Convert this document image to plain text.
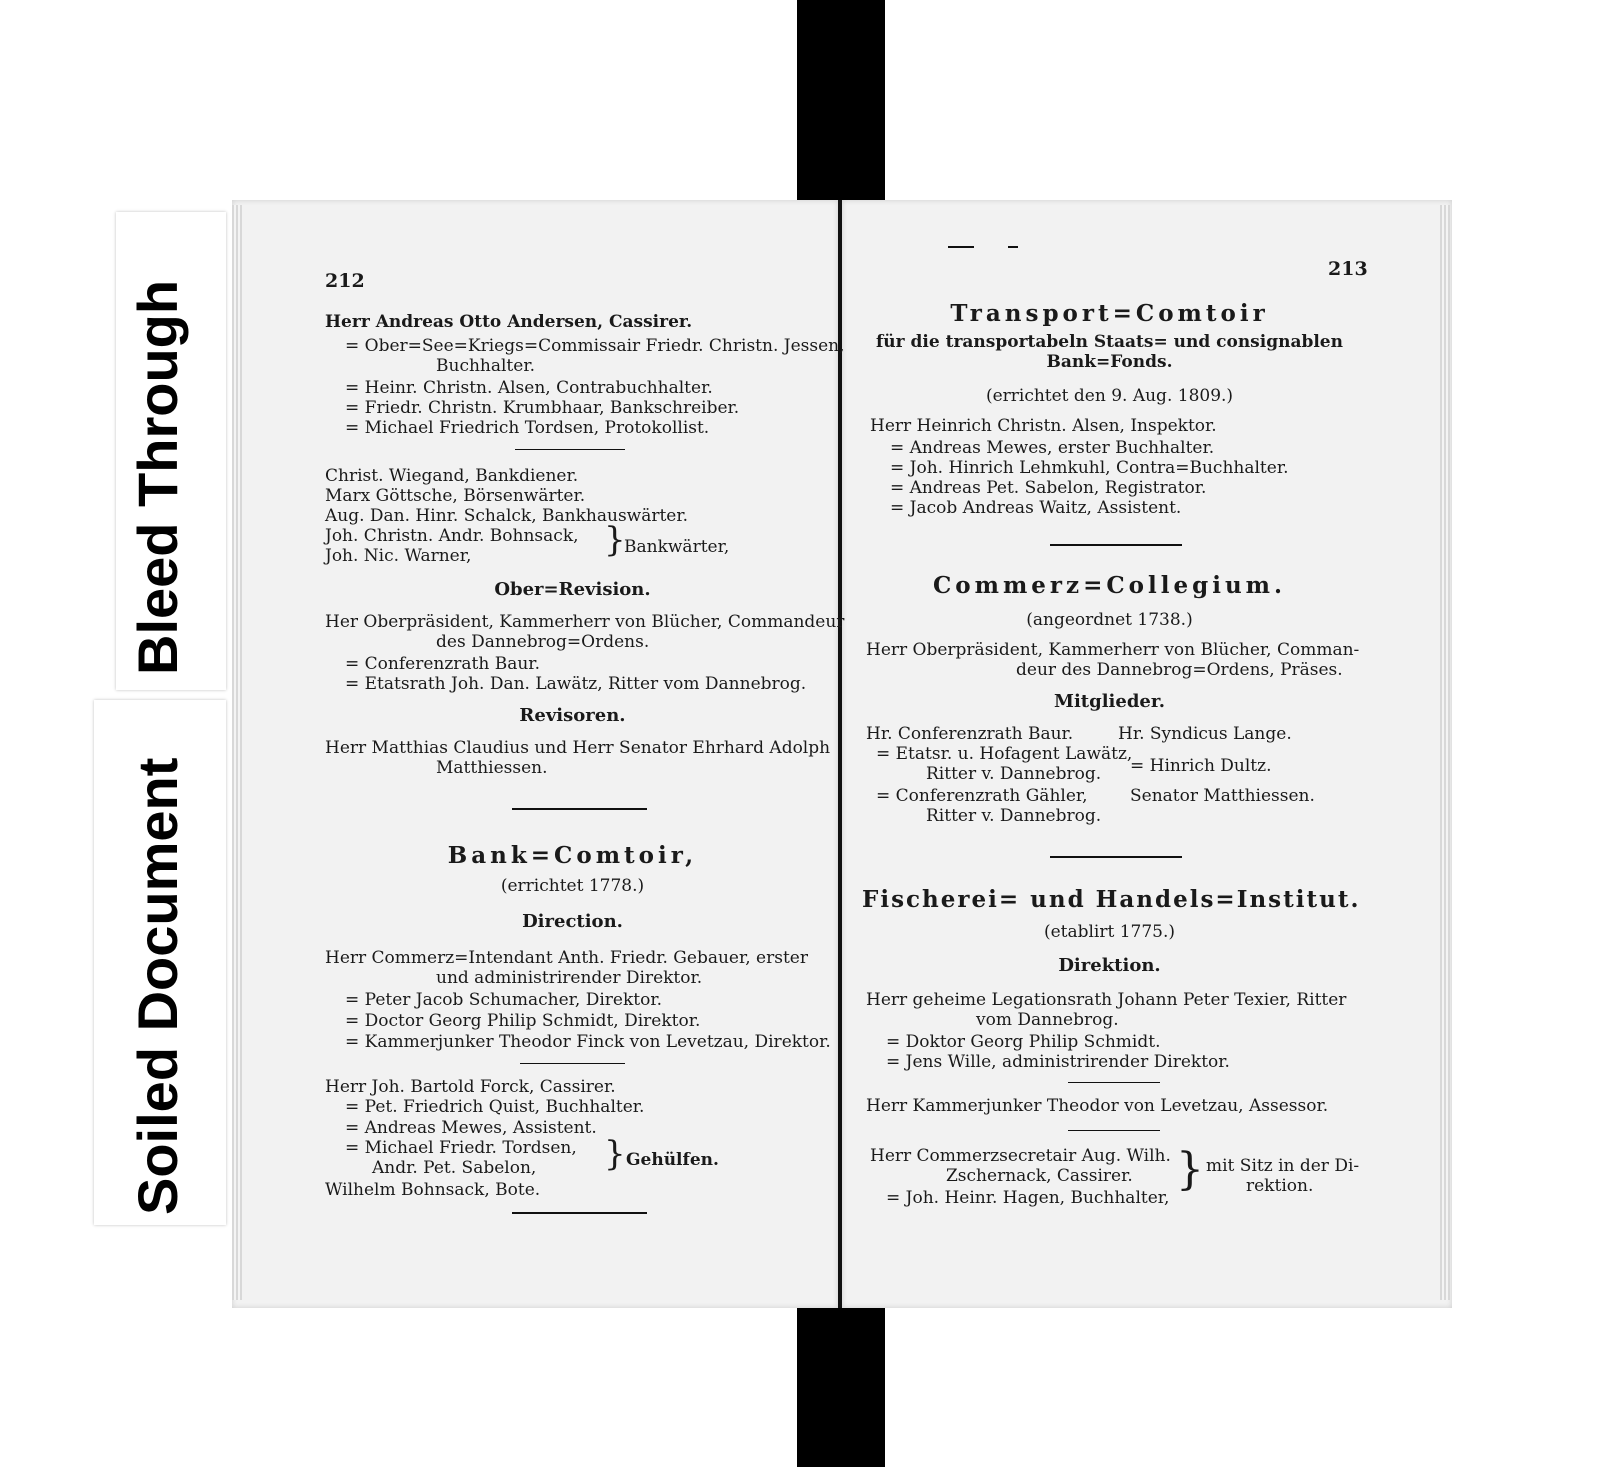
Bleed Through
Soiled Document
212
Herr Andreas Otto Andersen, Cassirer.
= Ober=See=Kriegs=Commissair Friedr. Christn. Jessen,
Buchhalter.
= Heinr. Christn. Alsen, Contrabuchhalter.
= Friedr. Christn. Krumbhaar, Bankschreiber.
= Michael Friedrich Tordsen, Protokollist.
Christ. Wiegand, Bankdiener.
Marx Göttsche, Börsenwärter.
Aug. Dan. Hinr. Schalck, Bankhauswärter.
Joh. Christn. Andr. Bohnsack,
Joh. Nic. Warner,	}
Bankwärter,
Ober=Revision.
Her Oberpräsident, Kammerherr von Blücher, Commandeur
des Dannebrog=Ordens.
= Conferenzrath Baur.
= Etatsrath Joh. Dan. Lawätz, Ritter vom Dannebrog.
Revisoren.
Herr Matthias Claudius und Herr Senator Ehrhard Adolph
Matthiessen.
Bank=Comtoir,
(errichtet 1778.)
Direction.
Herr Commerz=Intendant Anth. Friedr. Gebauer, erster
und administrirender Direktor.
= Peter Jacob Schumacher, Direktor.
= Doctor Georg Philip Schmidt, Direktor.
= Kammerjunker Theodor Finck von Levetzau, Direktor.
Herr Joh. Bartold Forck, Cassirer.
= Pet. Friedrich Quist, Buchhalter.
= Andreas Mewes, Assistent.
= Michael Friedr. Tordsen,
Andr. Pet. Sabelon, } Gehülfen.
Wilhelm Bohnsack, Bote.
213
Transport=Comtoir
für die transportabeln Staats= und consignablen
Bank=Fonds.
(errichtet den 9. Aug. 1809.)
Herr Heinrich Christn. Alsen, Inspektor.
= Andreas Mewes, erster Buchhalter.
= Joh. Hinrich Lehmkuhl, Contra=Buchhalter.
= Andreas Pet. Sabelon, Registrator.
= Jacob Andreas Waitz, Assistent.
Commerz=Collegium.
(angeordnet 1738.)
Herr Oberpräsident, Kammerherr von Blücher, Comman-
deur des Dannebrog=Ordens, Präses.
Mitglieder.
Hr. Conferenzrath Baur.
= Etatsr. u. Hofagent Lawätz,
Ritter v. Dannebrog.
= Conferenzrath Gähler,
Ritter v. Dannebrog.
Hr. Syndicus Lange.
= Hinrich Dultz.
Senator Matthiessen.
Fischerei= und Handels=Institut.
(etablirt 1775.)
Direktion.
Herr geheime Legationsrath Johann Peter Texier, Ritter
vom Dannebrog.
= Doktor Georg Philip Schmidt.
= Jens Wille, administrirender Direktor.
Herr Kammerjunker Theodor von Levetzau, Assessor.
Herr Commerzsecretair Aug. Wilh.
Zschernack, Cassirer.
= Joh. Heinr. Hagen, Buchhalter,
} mit Sitz in der Di-
rektion.
